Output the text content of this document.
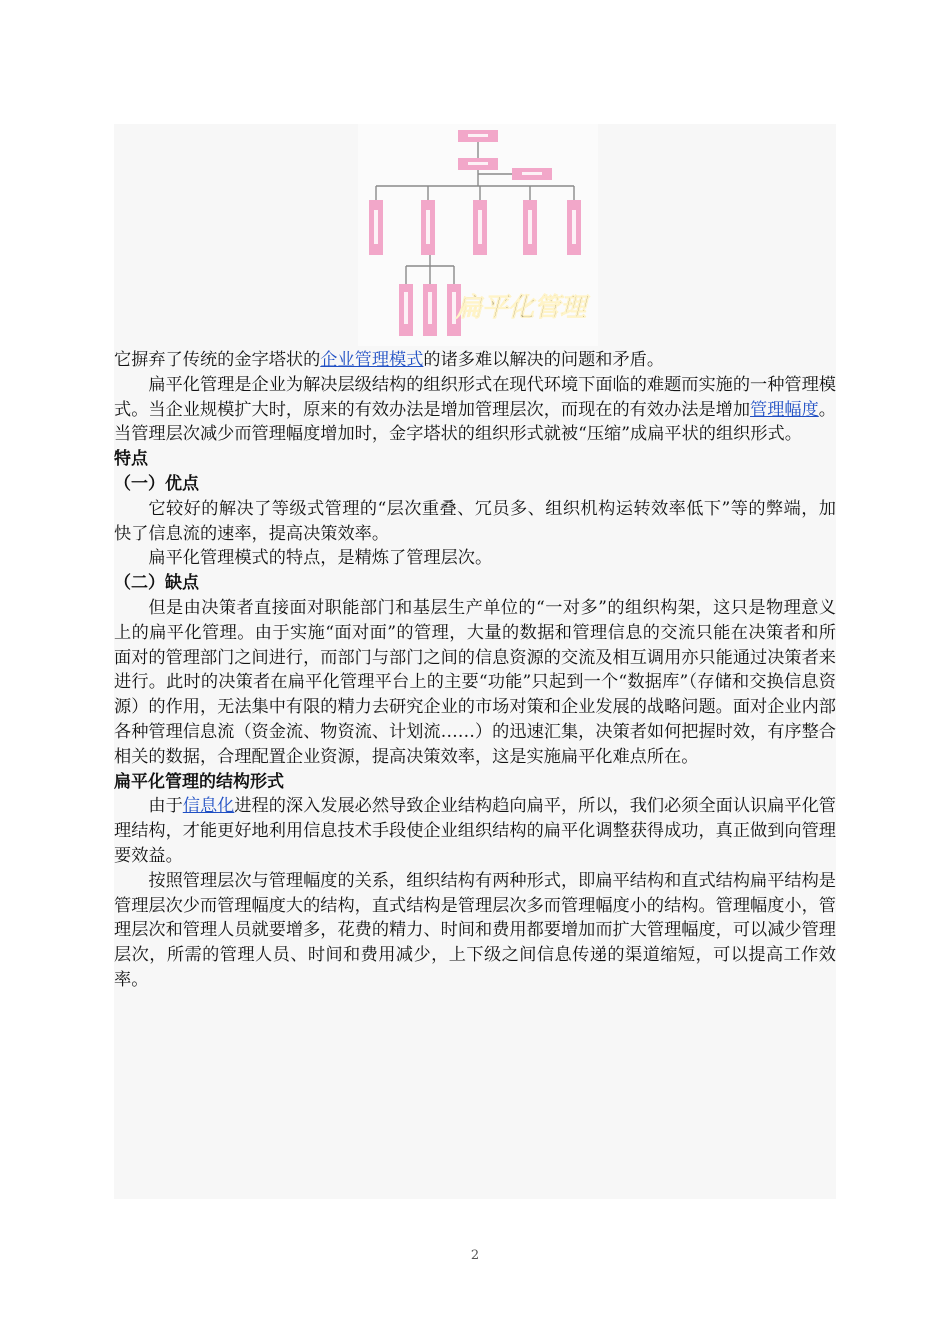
扁平化管理

它摒弃了传统的金字塔状的企业管理模式的诸多难以解决的问题和矛盾。

扁平化管理是企业为解决层级结构的组织形式在现代环境下面临的难题而实施的一种管理模式。当企业规模扩大时，原来的有效办法是增加管理层次，而现在的有效办法是增加管理幅度。当管理层次减少而管理幅度增加时，金字塔状的组织形式就被“压缩”成扁平状的组织形式。

特点

（一）优点

它较好的解决了等级式管理的“层次重叠、冗员多、组织机构运转效率低下”等的弊端，加快了信息流的速率，提高决策效率。

扁平化管理模式的特点，是精炼了管理层次。

（二）缺点

但是由决策者直接面对职能部门和基层生产单位的“一对多”的组织构架，这只是物理意义上的扁平化管理。由于实施“面对面”的管理，大量的数据和管理信息的交流只能在决策者和所面对的管理部门之间进行，而部门与部门之间的信息资源的交流及相互调用亦只能通过决策者来进行。此时的决策者在扁平化管理平台上的主要“功能”只起到一个“数据库”（存储和交换信息资源）的作用，无法集中有限的精力去研究企业的市场对策和企业发展的战略问题。面对企业内部各种管理信息流（资金流、物资流、计划流……）的迅速汇集，决策者如何把握时效，有序整合相关的数据，合理配置企业资源，提高决策效率，这是实施扁平化难点所在。

扁平化管理的结构形式

由于信息化进程的深入发展必然导致企业结构趋向扁平，所以，我们必须全面认识扁平化管理结构，才能更好地利用信息技术手段使企业组织结构的扁平化调整获得成功，真正做到向管理要效益。

按照管理层次与管理幅度的关系，组织结构有两种形式，即扁平结构和直式结构扁平结构是管理层次少而管理幅度大的结构，直式结构是管理层次多而管理幅度小的结构。管理幅度小，管理层次和管理人员就要增多，花费的精力、时间和费用都要增加而扩大管理幅度，可以减少管理层次，所需的管理人员、时间和费用减少，上下级之间信息传递的渠道缩短，可以提高工作效率。

2
